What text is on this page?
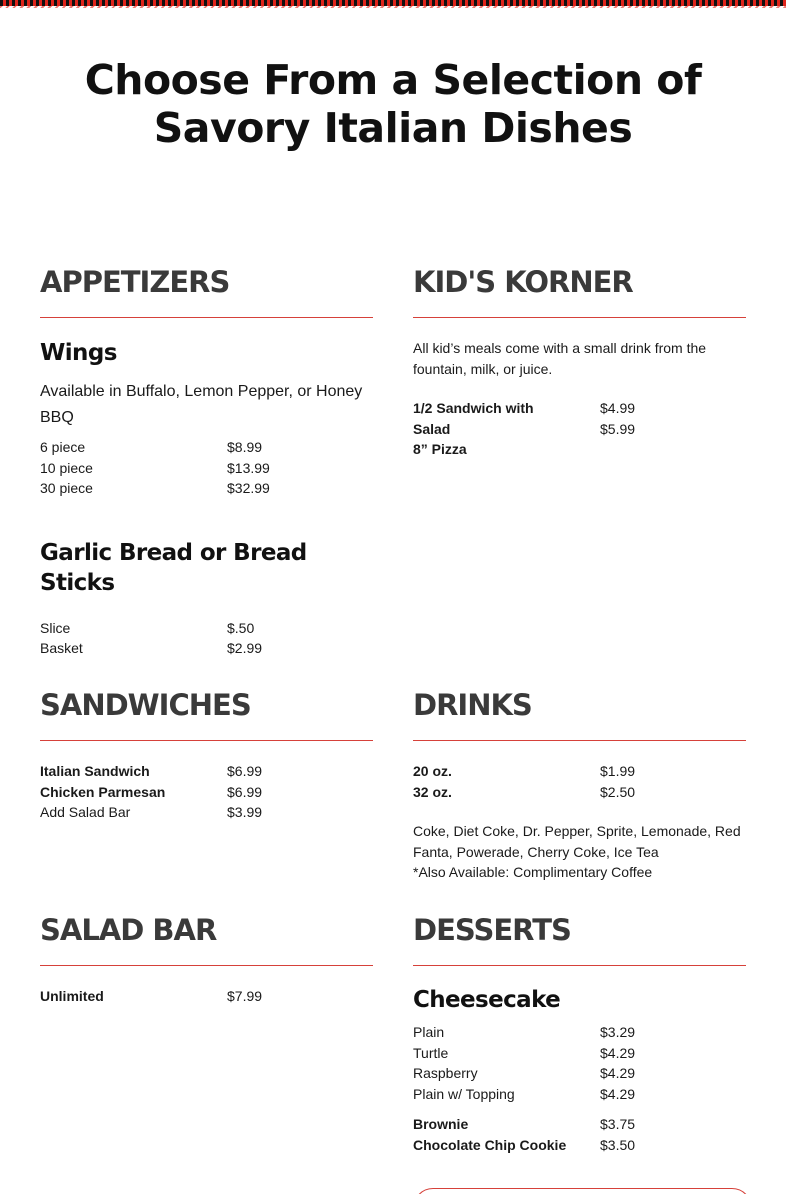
Choose From a Selection of Savory Italian Dishes
APPETIZERS
Wings

Available in Buffalo, Lemon Pepper, or Honey BBQ

6 piece	$8.99
10 piece	$13.99
30 piece	$32.99
Garlic Bread or Bread Sticks
Slice	$.50
Basket	$2.99
KID'S KORNER

All kid’s meals come with a small drink from the fountain, milk, or juice.

1/2 Sandwich with	$4.99
Salad	$5.99
8” Pizza
SANDWICHES
Italian Sandwich	$6.99
Chicken Parmesan	$6.99
Add Salad Bar	$3.99
DRINKS
20 oz.	$1.99
32 oz.	$2.50

Coke, Diet Coke, Dr. Pepper, Sprite, Lemonade, Red Fanta, Powerade, Cherry Coke, Ice Tea

*Also Available: Complimentary Coffee

SALAD BAR
Unlimited	$7.99
DESSERTS
Cheesecake
Plain	$3.29
Turtle	$4.29
Raspberry	$4.29
Plain w/ Topping	$4.29
Brownie	$3.75
Chocolate Chip Cookie	$3.50
